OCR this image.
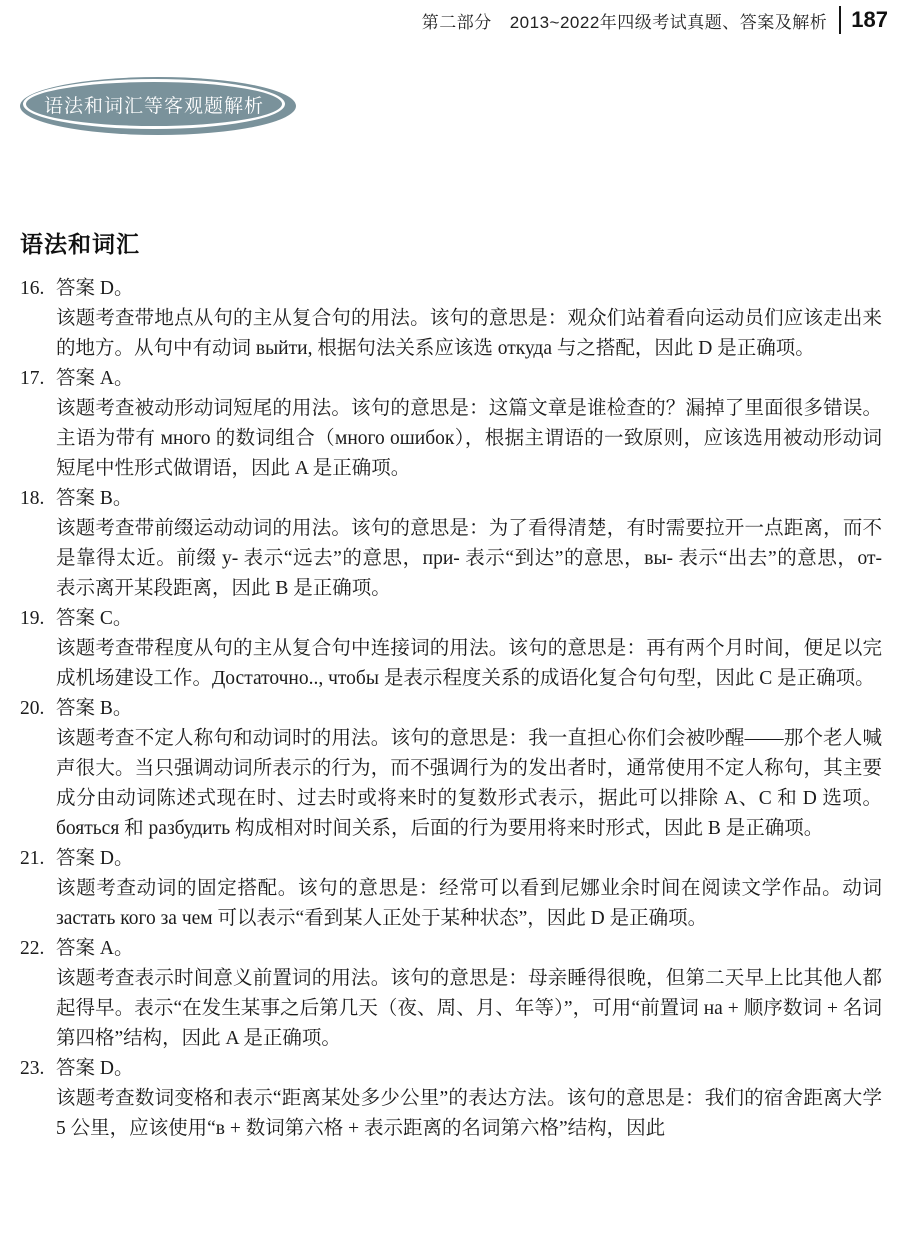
第二部分 2013~2022年四级考试真题、答案及解析 187
语法和词汇等客观题解析
语法和词汇
16. 答案 D。
该题考查带地点从句的主从复合句的用法。该句的意思是：观众们站着看向运动员们应该走出来的地方。从句中有动词 выйти, 根据句法关系应该选 откуда 与之搭配，因此 D 是正确项。
17. 答案 A。
该题考查被动形动词短尾的用法。该句的意思是：这篇文章是谁检查的？漏掉了里面很多错误。主语为带有 много 的数词组合（много ошибок），根据主谓语的一致原则，应该选用被动形动词短尾中性形式做谓语，因此 A 是正确项。
18. 答案 B。
该题考查带前缀运动动词的用法。该句的意思是：为了看得清楚，有时需要拉开一点距离，而不是靠得太近。前缀 у- 表示“远去”的意思，при- 表示“到达”的意思，вы- 表示“出去”的意思，от- 表示离开某段距离，因此 B 是正确项。
19. 答案 C。
该题考查带程度从句的主从复合句中连接词的用法。该句的意思是：再有两个月时间，便足以完成机场建设工作。Достаточно.., чтобы 是表示程度关系的成语化复合句句型，因此 C 是正确项。
20. 答案 B。
该题考查不定人称句和动词时的用法。该句的意思是：我一直担心你们会被吵醒——那个老人喊声很大。当只强调动词所表示的行为，而不强调行为的发出者时，通常使用不定人称句，其主要成分由动词陈述式现在时、过去时或将来时的复数形式表示，据此可以排除 A、C 和 D 选项。бояться 和 разбудить 构成相对时间关系，后面的行为要用将来时形式，因此 B 是正确项。
21. 答案 D。
该题考查动词的固定搭配。该句的意思是：经常可以看到尼娜业余时间在阅读文学作品。动词 застать кого за чем 可以表示“看到某人正处于某种状态”，因此 D 是正确项。
22. 答案 A。
该题考查表示时间意义前置词的用法。该句的意思是：母亲睡得很晚，但第二天早上比其他人都起得早。表示“在发生某事之后第几天（夜、周、月、年等）”，可用“前置词 на + 顺序数词 + 名词第四格”结构，因此 A 是正确项。
23. 答案 D。
该题考查数词变格和表示“距离某处多少公里”的表达方法。该句的意思是：我们的宿舍距离大学 5 公里，应该使用“в + 数词第六格 + 表示距离的名词第六格”结构，因此
